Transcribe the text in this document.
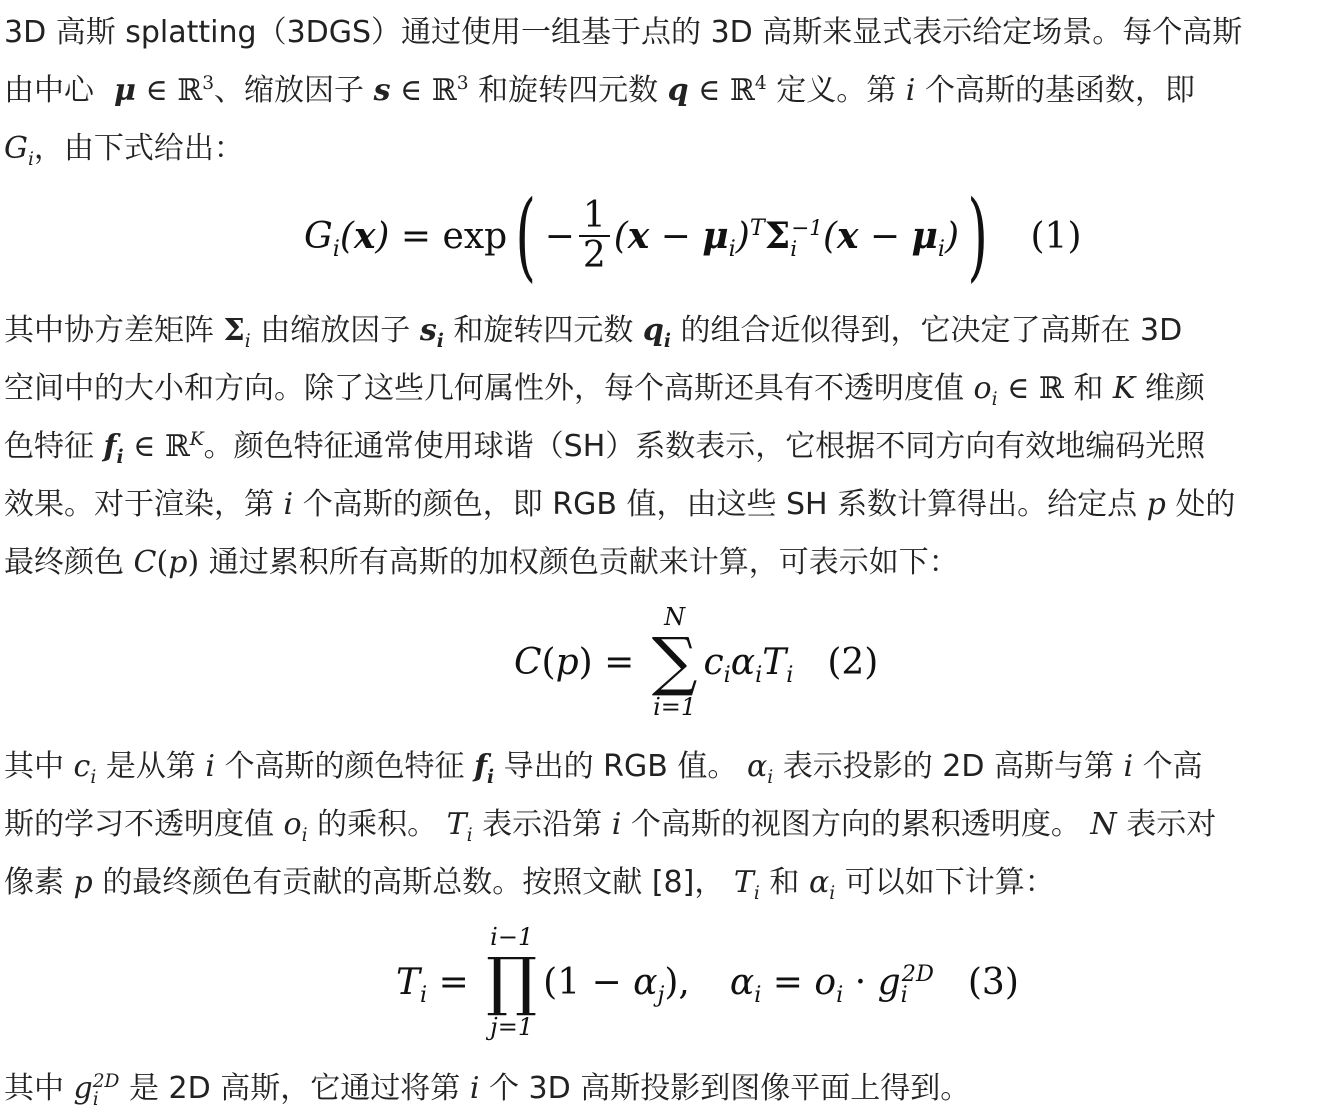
3D 高斯 splatting（3DGS）通过使用一组基于点的 3D 高斯来显式表示给定场景。每个高斯
由中心  μ ∈ ℝ$^3$、缩放因子 s ∈ ℝ$^3$ 和旋转四元数 q ∈ ℝ$^4$ 定义。第 i 个高斯的基函数，即
$G_i$，由下式给出：

$G_i(x) = \exp$ ( − $\frac{1}{2} (x - \mu_i)^T\Sigma_i^{-1}(x - \mu_i)$ ) (1)

其中协方差矩阵 $\Sigma_i$ 由缩放因子 $s_i$ 和旋转四元数 $q_i$ 的组合近似得到，它决定了高斯在 3D
空间中的大小和方向。除了这些几何属性外，每个高斯还具有不透明度值 $o_i$ ∈ ℝ 和 K 维颜
色特征 $f_i$ ∈ ℝ$^K$。颜色特征通常使用球谐（SH）系数表示，它根据不同方向有效地编码光照
效果。对于渲染，第 i 个高斯的颜色，即 RGB 值，由这些 SH 系数计算得出。给定点 p 处的
最终颜色 C(p) 通过累积所有高斯的加权颜色贡献来计算，可表示如下：

C(p) =
N
∑
i=1
$c_i\alpha_iT_i$ (2)

其中 $c_i$ 是从第 i 个高斯的颜色特征 $f_i$ 导出的 RGB 值。 $\alpha_i$ 表示投影的 2D 高斯与第 i 个高
斯的学习不透明度值 $o_i$ 的乘积。 $T_i$ 表示沿第 i 个高斯的视图方向的累积透明度。 N 表示对
像素 p 的最终颜色有贡献的高斯总数。按照文献 [8]， $T_i$ 和 $\alpha_i$ 可以如下计算：

$T_i$ =
i−1
∏
j=1
$(1 - \alpha_j)$, $\alpha_i = o_i \cdot g_i^{2D}$ (3)

其中 $g_i^{2D}$ 是 2D 高斯，它通过将第 i 个 3D 高斯投影到图像平面上得到。
